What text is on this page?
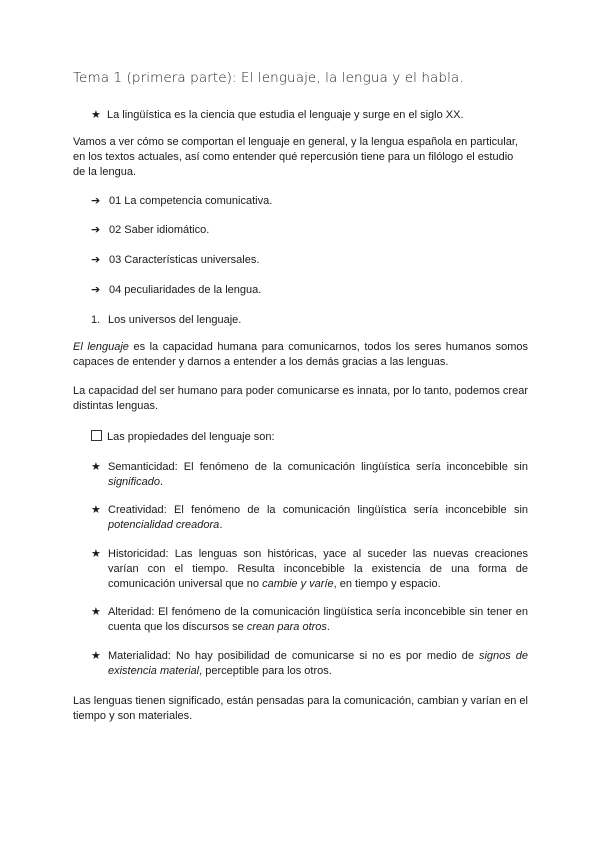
Tema 1 (primera parte): El lenguaje, la lengua y el habla.
★ La lingüística es la ciencia que estudia el lenguaje y surge en el siglo XX.
Vamos a ver cómo se comportan el lenguaje en general, y la lengua española en particular, en los textos actuales, así como entender qué repercusión tiene para un filólogo el estudio de la lengua.
➔ 01 La competencia comunicativa.
➔ 02 Saber idiomático.
➔ 03 Características universales.
➔ 04 peculiaridades de la lengua.
1. Los universos del lenguaje.
El lenguaje es la capacidad humana para comunicarnos, todos los seres humanos somos capaces de entender y darnos a entender a los demás gracias a las lenguas.
La capacidad del ser humano para poder comunicarse es innata, por lo tanto, podemos crear distintas lenguas.
Las propiedades del lenguaje son:
★ Semanticidad: El fenómeno de la comunicación lingüística sería inconcebible sin significado.
★ Creatividad: El fenómeno de la comunicación lingüística sería inconcebible sin potencialidad creadora.
★ Historicidad: Las lenguas son históricas, yace al suceder las nuevas creaciones varían con el tiempo. Resulta inconcebible la existencia de una forma de comunicación universal que no cambie y varíe, en tiempo y espacio.
★ Alteridad: El fenómeno de la comunicación lingüística sería inconcebible sin tener en cuenta que los discursos se crean para otros.
★ Materialidad: No hay posibilidad de comunicarse si no es por medio de signos de existencia material, perceptible para los otros.
Las lenguas tienen significado, están pensadas para la comunicación, cambian y varían en el tiempo y son materiales.
